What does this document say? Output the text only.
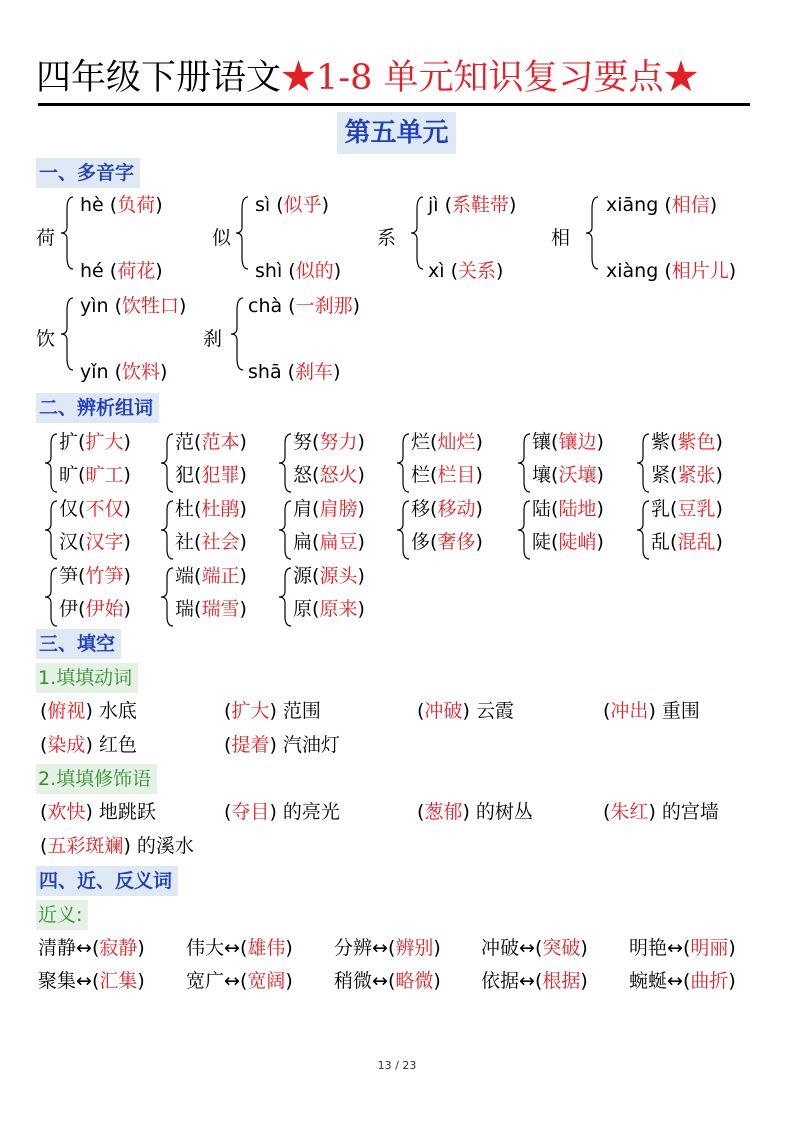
四年级下册语文★1-8 单元知识复习要点★
第五单元
一、多音字
荷
hè (负荷)
hé (荷花)
似
sì (似乎)
shì (似的)
系
jì (系鞋带)
xì (关系)
相
xiāng (相信)
xiàng (相片儿)
饮
yìn (饮牲口)
yǐn (饮料)
刹
chà (一刹那)
shā (刹车)
二、辨析组词
扩(扩大)
旷(旷工)
范(范本)
犯(犯罪)
努(努力)
怒(怒火)
烂(灿烂)
栏(栏目)
镶(镶边)
壤(沃壤)
紫(紫色)
紧(紧张)
仅(不仅)
汉(汉字)
杜(杜鹃)
社(社会)
肩(肩膀)
扁(扁豆)
移(移动)
侈(奢侈)
陆(陆地)
陡(陡峭)
乳(豆乳)
乱(混乱)
笋(竹笋)
伊(伊始)
端(端正)
瑞(瑞雪)
源(源头)
原(原来)
三、填空
1.填填动词
(俯视) 水底	(扩大) 范围	(冲破) 云霞	(冲出) 重围
(染成) 红色	(提着) 汽油灯
2.填填修饰语
(欢快) 地跳跃	(夺目) 的亮光	(葱郁) 的树丛	(朱红) 的宫墙
(五彩斑斓) 的溪水
四、近、反义词
近义:
清静↔(寂静) 伟大↔(雄伟) 分辨↔(辨别) 冲破↔(突破) 明艳↔(明丽)
聚集↔(汇集) 宽广↔(宽阔) 稍微↔(略微) 依据↔(根据) 蜿蜒↔(曲折)
13 / 23
